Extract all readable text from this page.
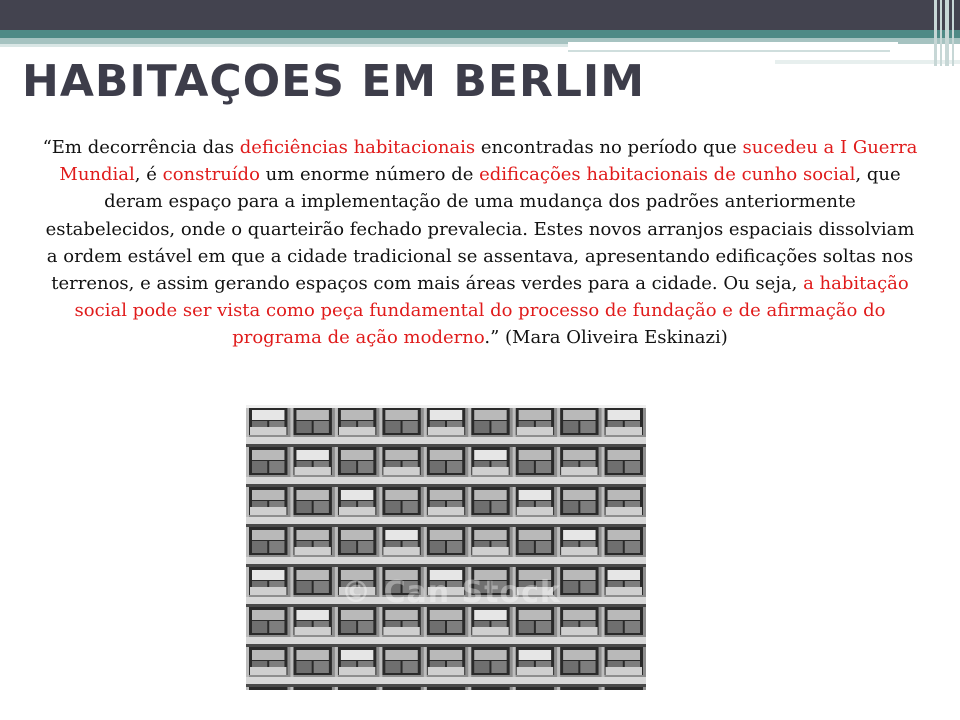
HABITAÇOES EM BERLIM

“Em decorrência das deficiências habitacionais encontradas no período que sucedeu a I Guerra Mundial, é construído um enorme número de edificações habitacionais de cunho social, que deram espaço para a implementação de uma mudança dos padrões anteriormente estabelecidos, onde o quarteirão fechado prevalecia. Estes novos arranjos espaciais dissolviam a ordem estável em que a cidade tradicional se assentava, apresentando edificações soltas nos terrenos, e assim gerando espaços com mais áreas verdes para a cidade. Ou seja, a habitação social pode ser vista como peça fundamental do processo de fundação e de afirmação do programa de ação moderno.” (Mara Oliveira Eskinazi)

© Can Stock
